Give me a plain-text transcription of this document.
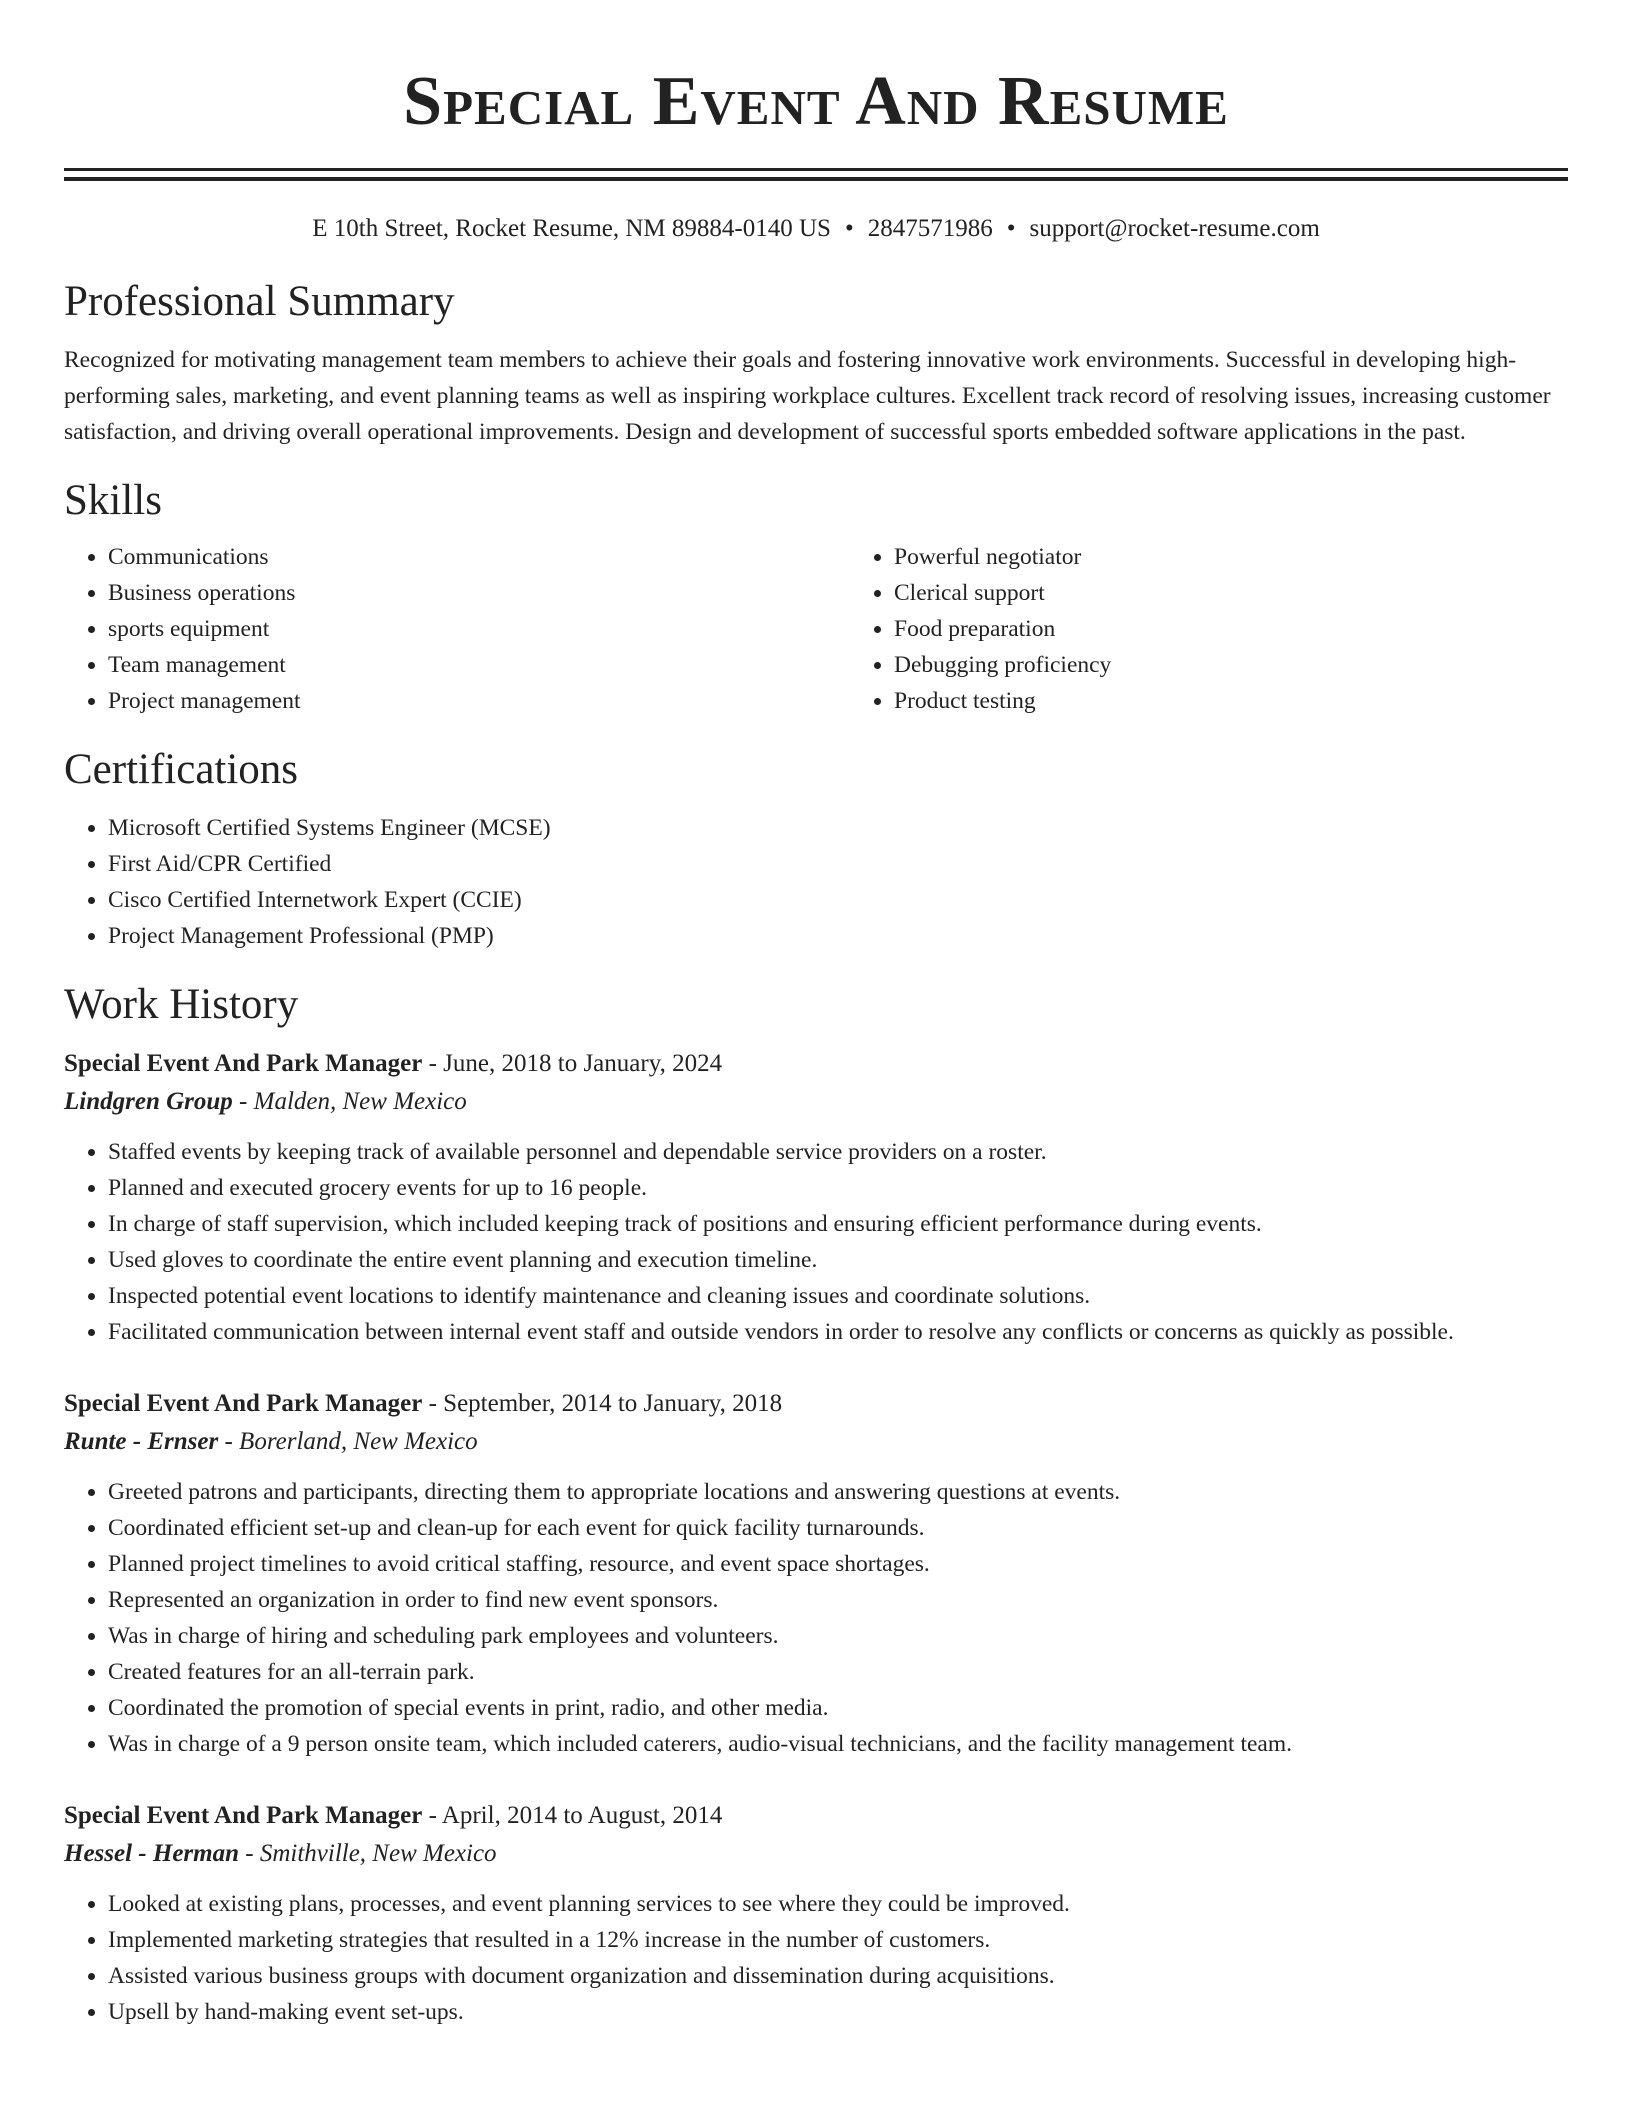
Special Event And Resume
E 10th Street, Rocket Resume, NM 89884-0140 US • 2847571986 • support@rocket-resume.com
Professional Summary

Recognized for motivating management team members to achieve their goals and fostering innovative work environments. Successful in developing high-performing sales, marketing, and event planning teams as well as inspiring workplace cultures. Excellent track record of resolving issues, increasing customer satisfaction, and driving overall operational improvements. Design and development of successful sports embedded software applications in the past.

Skills
• Communications
• Business operations
• sports equipment
• Team management
• Project management
• Powerful negotiator
• Clerical support
• Food preparation
• Debugging proficiency
• Product testing
Certifications
• Microsoft Certified Systems Engineer (MCSE)
• First Aid/CPR Certified
• Cisco Certified Internetwork Expert (CCIE)
• Project Management Professional (PMP)
Work History
Special Event And Park Manager - June, 2018 to January, 2024
Lindgren Group - Malden, New Mexico
• Staffed events by keeping track of available personnel and dependable service providers on a roster.
• Planned and executed grocery events for up to 16 people.
• In charge of staff supervision, which included keeping track of positions and ensuring efficient performance during events.
• Used gloves to coordinate the entire event planning and execution timeline.
• Inspected potential event locations to identify maintenance and cleaning issues and coordinate solutions.
• Facilitated communication between internal event staff and outside vendors in order to resolve any conflicts or concerns as quickly as possible.
Special Event And Park Manager - September, 2014 to January, 2018
Runte - Ernser - Borerland, New Mexico
• Greeted patrons and participants, directing them to appropriate locations and answering questions at events.
• Coordinated efficient set-up and clean-up for each event for quick facility turnarounds.
• Planned project timelines to avoid critical staffing, resource, and event space shortages.
• Represented an organization in order to find new event sponsors.
• Was in charge of hiring and scheduling park employees and volunteers.
• Created features for an all-terrain park.
• Coordinated the promotion of special events in print, radio, and other media.
• Was in charge of a 9 person onsite team, which included caterers, audio-visual technicians, and the facility management team.
Special Event And Park Manager - April, 2014 to August, 2014
Hessel - Herman - Smithville, New Mexico
• Looked at existing plans, processes, and event planning services to see where they could be improved.
• Implemented marketing strategies that resulted in a 12% increase in the number of customers.
• Assisted various business groups with document organization and dissemination during acquisitions.
• Upsell by hand-making event set-ups.
